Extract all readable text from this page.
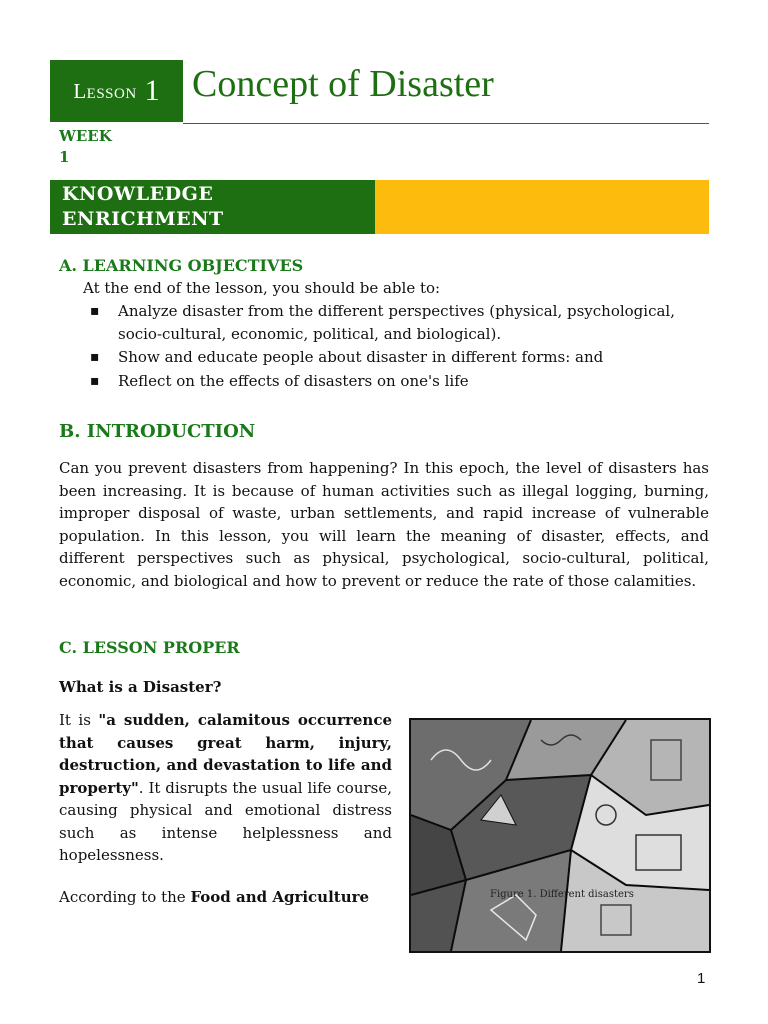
Lesson 1 Concept of Disaster
WEEK
1
KNOWLEDGE
ENRICHMENT
A. LEARNING OBJECTIVES
At the end of the lesson, you should be able to:
▪ Analyze disaster from the different perspectives (physical, psychological, socio-cultural, economic, political, and biological).
▪ Show and educate people about disaster in different forms: and
▪ Reflect on the effects of disasters on one's life
B. INTRODUCTION
Can you prevent disasters from happening? In this epoch, the level of disasters has been increasing. It is because of human activities such as illegal logging, burning, improper disposal of waste, urban settlements, and rapid increase of vulnerable population. In this lesson, you will learn the meaning of disaster, effects, and different perspectives such as physical, psychological, socio-cultural, political, economic, and biological and how to prevent or reduce the rate of those calamities.
C. LESSON PROPER
What is a Disaster?
It is "a sudden, calamitous occurrence that causes great harm, injury, destruction, and devastation to life and property". It disrupts the usual life course, causing physical and emotional distress such as intense helplessness and hopelessness.
According to the Food and Agriculture	Figure 1. Different disasters
1
